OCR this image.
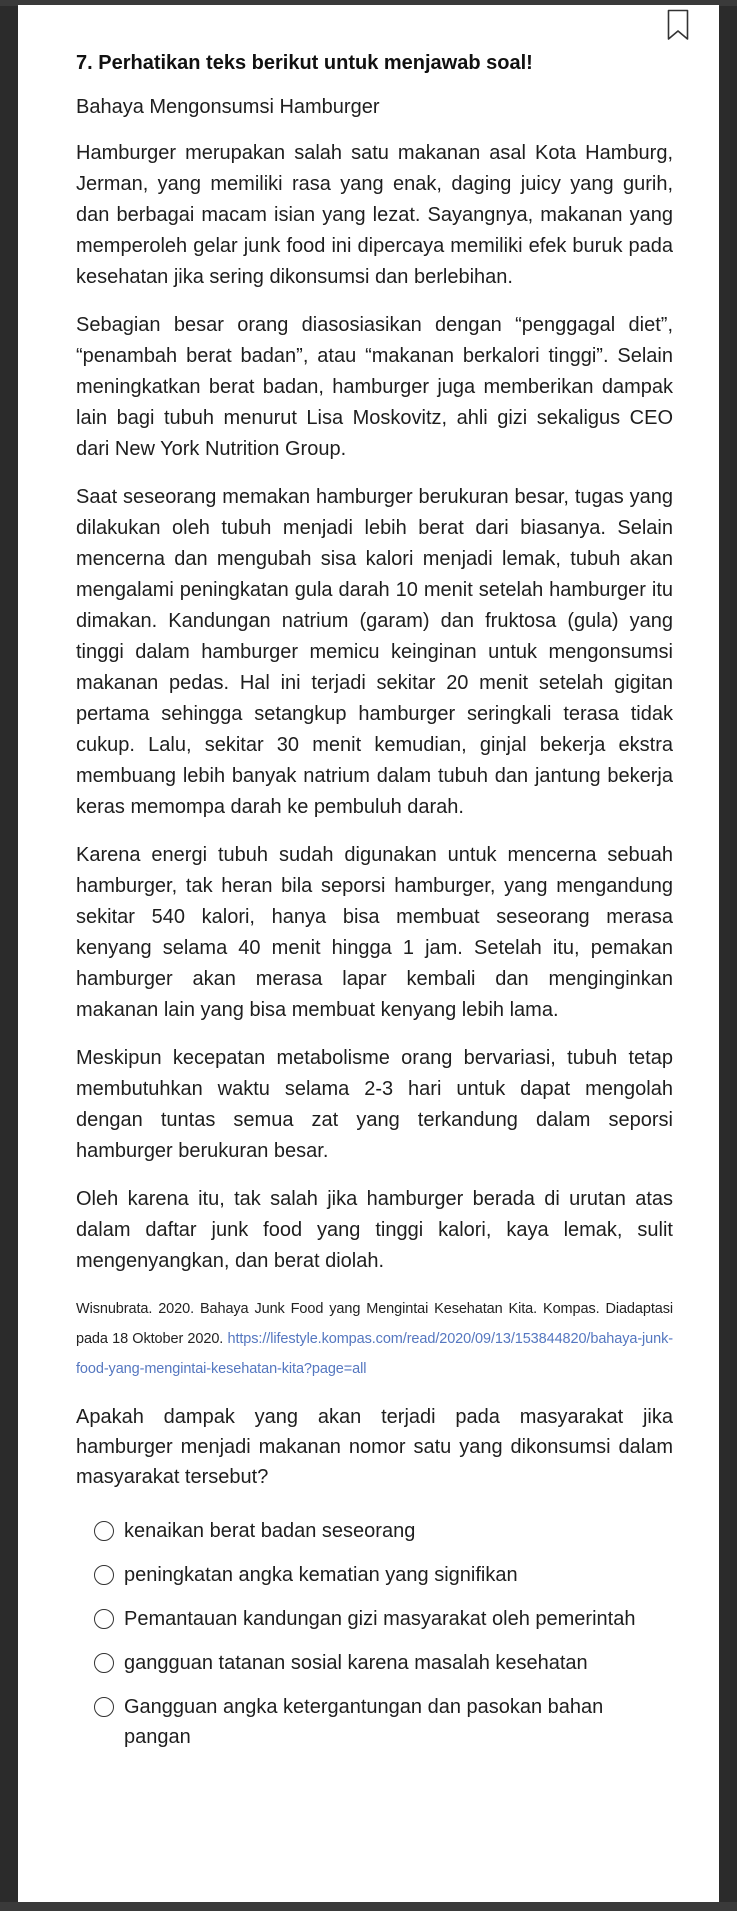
7. Perhatikan teks berikut untuk menjawab soal!
Bahaya Mengonsumsi Hamburger

Hamburger merupakan salah satu makanan asal Kota Hamburg, Jerman, yang memiliki rasa yang enak, daging juicy yang gurih, dan berbagai macam isian yang lezat. Sayangnya, makanan yang memperoleh gelar junk food ini dipercaya memiliki efek buruk pada kesehatan jika sering dikonsumsi dan berlebihan.

Sebagian besar orang diasosiasikan dengan “penggagal diet”, “penambah berat badan”, atau “makanan berkalori tinggi”. Selain meningkatkan berat badan, hamburger juga memberikan dampak lain bagi tubuh menurut Lisa Moskovitz, ahli gizi sekaligus CEO dari New York Nutrition Group.

Saat seseorang memakan hamburger berukuran besar, tugas yang dilakukan oleh tubuh menjadi lebih berat dari biasanya. Selain mencerna dan mengubah sisa kalori menjadi lemak, tubuh akan mengalami peningkatan gula darah 10 menit setelah hamburger itu dimakan. Kandungan natrium (garam) dan fruktosa (gula) yang tinggi dalam hamburger memicu keinginan untuk mengonsumsi makanan pedas. Hal ini terjadi sekitar 20 menit setelah gigitan pertama sehingga setangkup hamburger seringkali terasa tidak cukup. Lalu, sekitar 30 menit kemudian, ginjal bekerja ekstra membuang lebih banyak natrium dalam tubuh dan jantung bekerja keras memompa darah ke pembuluh darah.

Karena energi tubuh sudah digunakan untuk mencerna sebuah hamburger, tak heran bila seporsi hamburger, yang mengandung sekitar 540 kalori, hanya bisa membuat seseorang merasa kenyang selama 40 menit hingga 1 jam. Setelah itu, pemakan hamburger akan merasa lapar kembali dan menginginkan makanan lain yang bisa membuat kenyang lebih lama.

Meskipun kecepatan metabolisme orang bervariasi, tubuh tetap membutuhkan waktu selama 2-3 hari untuk dapat mengolah dengan tuntas semua zat yang terkandung dalam seporsi hamburger berukuran besar.

Oleh karena itu, tak salah jika hamburger berada di urutan atas dalam daftar junk food yang tinggi kalori, kaya lemak, sulit mengenyangkan, dan berat diolah.

Wisnubrata. 2020. Bahaya Junk Food yang Mengintai Kesehatan Kita. Kompas. Diadaptasi pada 18 Oktober 2020. https://lifestyle.kompas.com/read/2020/09/13/153844820/bahaya-junk-food-yang-mengintai-kesehatan-kita?page=all

Apakah dampak yang akan terjadi pada masyarakat jika hamburger menjadi makanan nomor satu yang dikonsumsi dalam masyarakat tersebut?

kenaikan berat badan seseorang
peningkatan angka kematian yang signifikan
Pemantauan kandungan gizi masyarakat oleh pemerintah
gangguan tatanan sosial karena masalah kesehatan
Gangguan angka ketergantungan dan pasokan bahan pangan
